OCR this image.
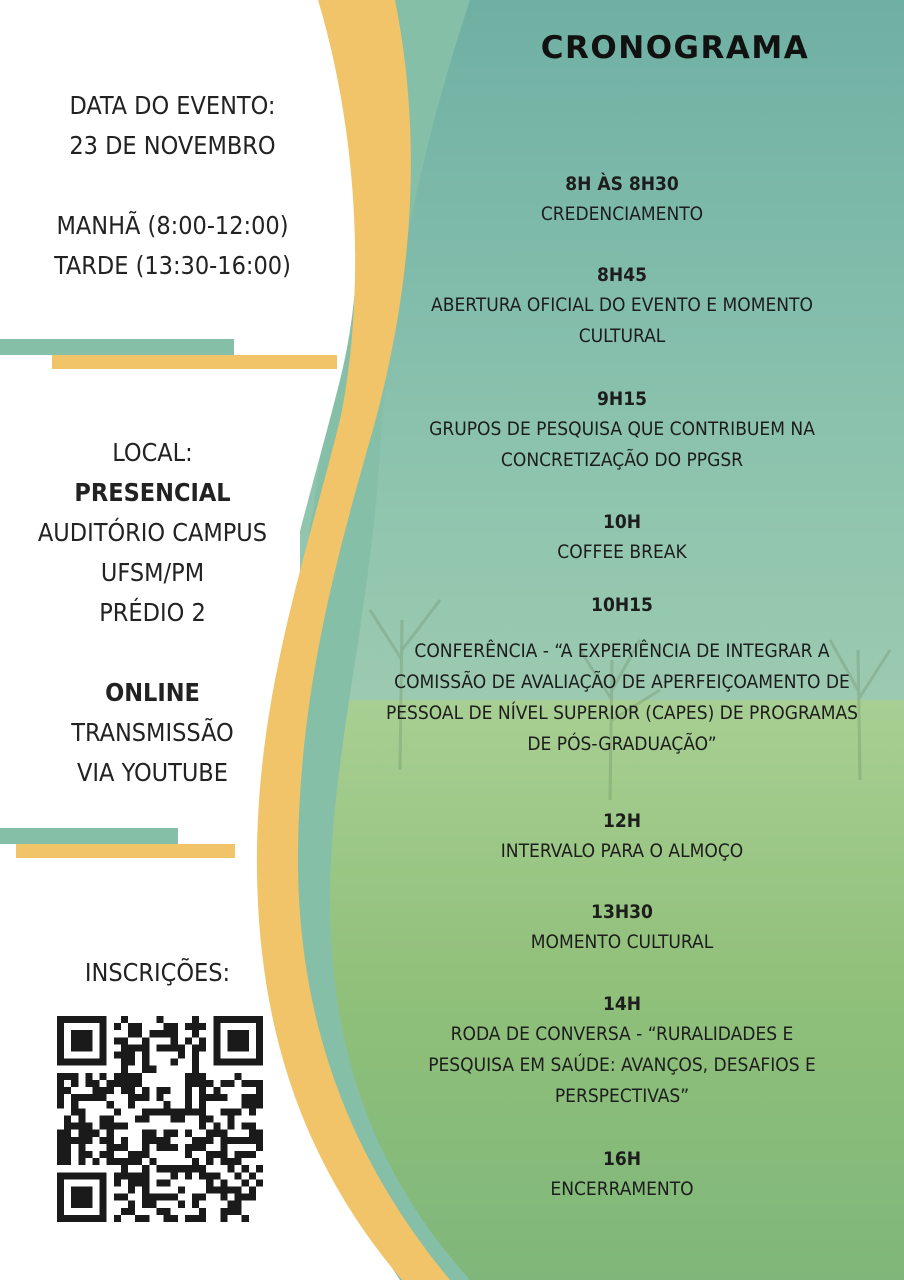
DATA DO EVENTO:
23 DE NOVEMBRO
MANHÃ (8:00-12:00)
TARDE (13:30-16:00)
LOCAL:
PRESENCIAL
AUDITÓRIO CAMPUS
UFSM/PM
PRÉDIO 2
ONLINE
TRANSMISSÃO
VIA YOUTUBE
INSCRIÇÕES:
CRONOGRAMA
8H ÀS 8H30
CREDENCIAMENTO
8H45
ABERTURA OFICIAL DO EVENTO E MOMENTO
CULTURAL
9H15
GRUPOS DE PESQUISA QUE CONTRIBUEM NA
CONCRETIZAÇÃO DO PPGSR
10H
COFFEE BREAK
10H15
CONFERÊNCIA - “A EXPERIÊNCIA DE INTEGRAR A
COMISSÃO DE AVALIAÇÃO DE APERFEIÇOAMENTO DE
PESSOAL DE NÍVEL SUPERIOR (CAPES) DE PROGRAMAS
DE PÓS-GRADUAÇÃO”
12H
INTERVALO PARA O ALMOÇO
13H30
MOMENTO CULTURAL
14H
RODA DE CONVERSA - “RURALIDADES E
PESQUISA EM SAÚDE: AVANÇOS, DESAFIOS E
PERSPECTIVAS”
16H
ENCERRAMENTO
